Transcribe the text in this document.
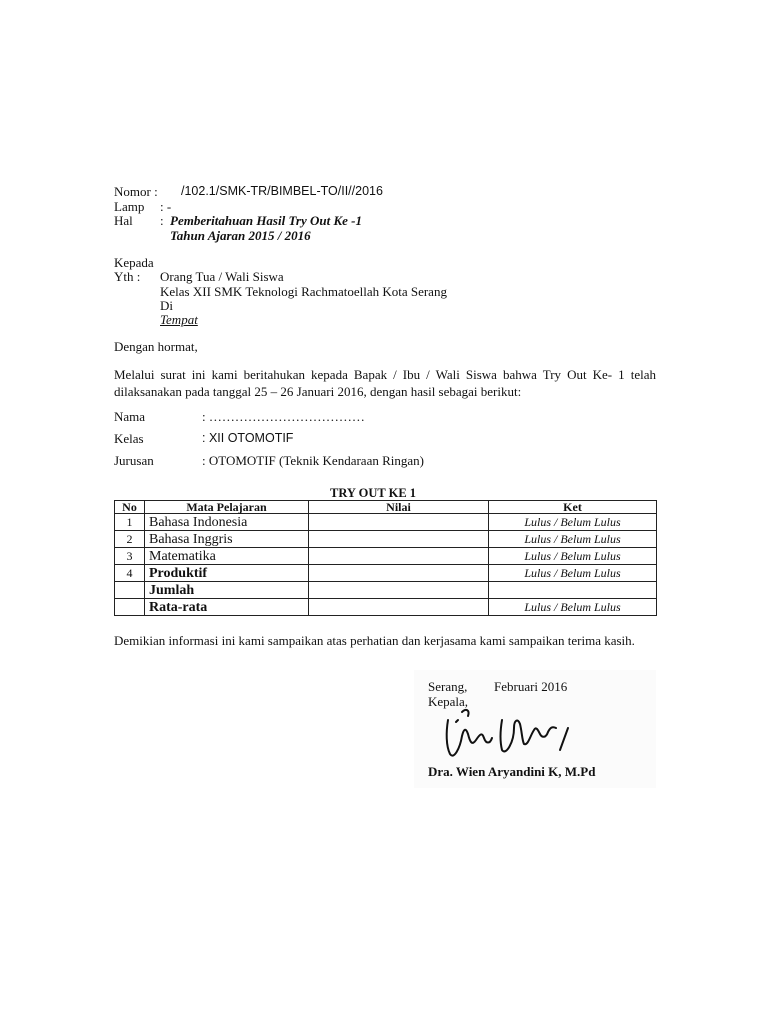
Nomor : /102.1/SMK-TR/BIMBEL-TO/II//2016
Lamp : -
Hal : Pemberitahuan Hasil Try Out Ke -1
Tahun Ajaran 2015 / 2016
Kepada
Yth : Orang Tua / Wali Siswa
Kelas XII SMK Teknologi Rachmatoellah Kota Serang
Di
Tempat
Dengan hormat,
Melalui surat ini kami beritahukan kepada Bapak / Ibu / Wali Siswa bahwa Try Out Ke- 1 telah dilaksanakan pada tanggal 25 – 26 Januari 2016, dengan hasil sebagai berikut:
Nama	: ………………………………
Kelas	: XII OTOMOTIF
Jurusan	: OTOMOTIF (Teknik Kendaraan Ringan)
TRY OUT KE 1
No	Mata Pelajaran	Nilai	Ket
1	Bahasa Indonesia		Lulus / Belum Lulus
2	Bahasa Inggris		Lulus / Belum Lulus
3	Matematika		Lulus / Belum Lulus
4	Produktif		Lulus / Belum Lulus
	Jumlah		
	Rata-rata		Lulus / Belum Lulus
Demikian informasi ini kami sampaikan atas perhatian dan kerjasama kami sampaikan terima kasih.
Serang, Februari 2016
Kepala,
Dra. Wien Aryandini K, M.Pd
